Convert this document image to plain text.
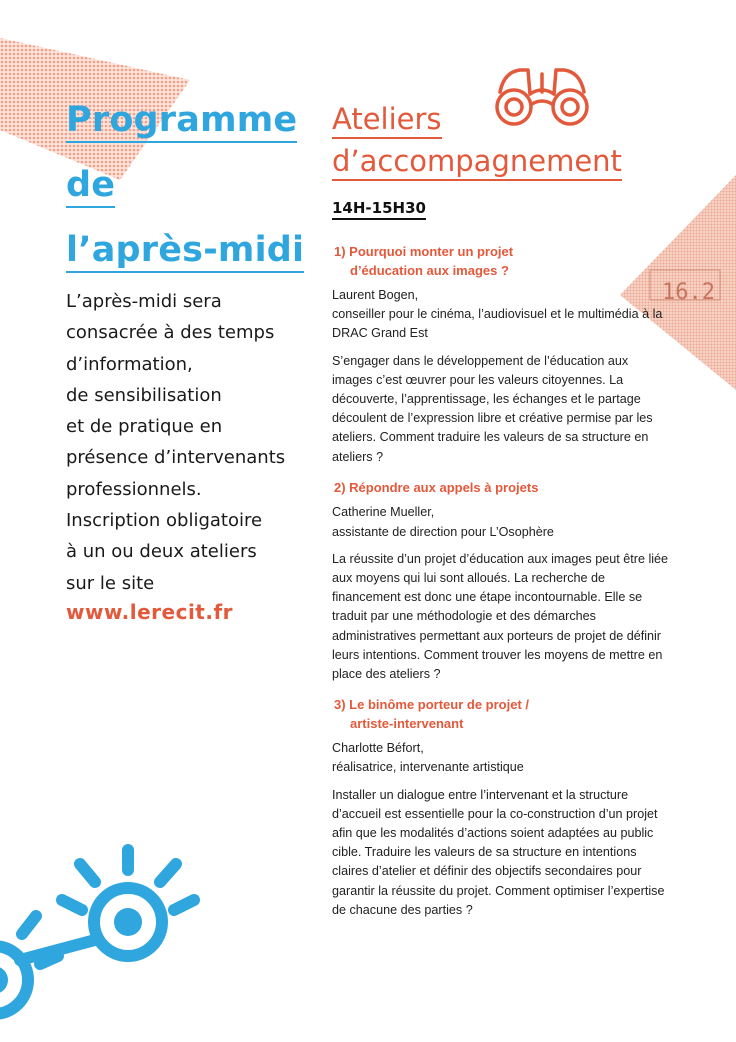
16.2
Programme
de
l’après-midi

L’après-midi sera

consacrée à des temps

d’information,

de sensibilisation

et de pratique en

présence d’intervenants

professionnels.

Inscription obligatoire

à un ou deux ateliers

sur le site

www.lerecit.fr
Ateliers
d’accompagnement
14H-15H30
1) Pourquoi monter un projet
d’éducation aux images ?
Laurent Bogen,
conseiller pour le cinéma, l’audiovisuel et le multimédia à la DRAC Grand Est
S’engager dans le développement de l’éducation aux images c’est œuvrer pour les valeurs citoyennes. La découverte, l’apprentissage, les échanges et le partage découlent de l’expression libre et créative permise par les ateliers. Comment traduire les valeurs de sa structure en ateliers ?
2) Répondre aux appels à projets
Catherine Mueller,
assistante de direction pour L’Osophère
La réussite d’un projet d’éducation aux images peut être liée aux moyens qui lui sont alloués. La recherche de financement est donc une étape incontournable. Elle se traduit par une méthodologie et des démarches administratives permettant aux porteurs de projet de définir leurs intentions. Comment trouver les moyens de mettre en place des ateliers ?
3) Le binôme porteur de projet /
artiste-intervenant
Charlotte Béfort,
réalisatrice, intervenante artistique
Installer un dialogue entre l’intervenant et la structure d’accueil est essentielle pour la co-construction d’un projet afin que les modalités d’actions soient adaptées au public cible. Traduire les valeurs de sa structure en intentions claires d’atelier et définir des objectifs secondaires pour garantir la réussite du projet. Comment optimiser l’expertise de chacune des parties ?
